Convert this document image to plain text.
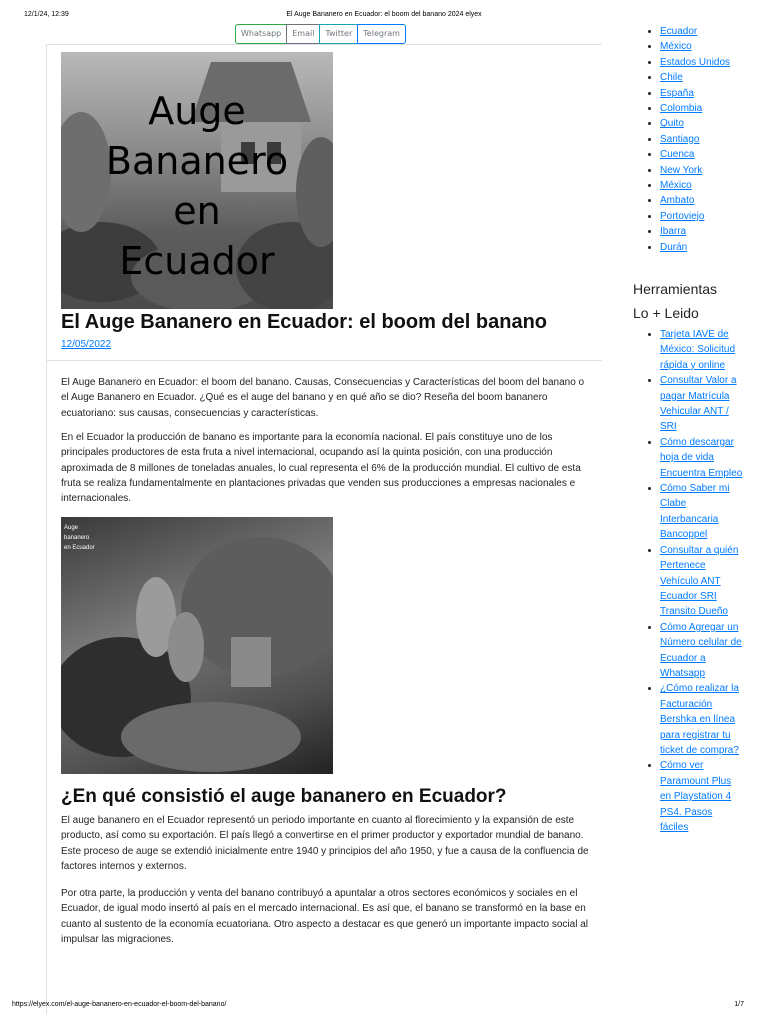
12/1/24, 12:39	El Auge Bananero en Ecuador: el boom del banano 2024 elyex
Whatsapp	Email	Twitter	Telegram
Auge
Bananero
en
Ecuador
El Auge Bananero en Ecuador: el boom del banano
12/05/2022

El Auge Bananero en Ecuador: el boom del banano. Causas, Consecuencias y Características del boom del banano o el Auge Bananero en Ecuador. ¿Qué es el auge del banano y en qué año se dio? Reseña del boom bananero ecuatoriano: sus causas, consecuencias y características.

En el Ecuador la producción de banano es importante para la economía nacional. El país constituye uno de los principales productores de esta fruta a nivel internacional, ocupando así la quinta posición, con una producción aproximada de 8 millones de toneladas anuales, lo cual representa el 6% de la producción mundial. El cultivo de esta fruta se realiza fundamentalmente en plantaciones privadas que venden sus producciones a empresas nacionales e internacionales.

Auge
bananero
en Ecuador
¿En qué consistió el auge bananero en Ecuador?

El auge bananero en el Ecuador representó un periodo importante en cuanto al florecimiento y la expansión de este producto, así como su exportación. El país llegó a convertirse en el primer productor y exportador mundial de banano. Este proceso de auge se extendió inicialmente entre 1940 y principios del año 1950, y fue a causa de la confluencia de factores internos y externos.

Por otra parte, la producción y venta del banano contribuyó a apuntalar a otros sectores económicos y sociales en el Ecuador, de igual modo insertó al país en el mercado internacional. Es así que, el banano se transformó en la base en cuanto al sustento de la economía ecuatoriana. Otro aspecto a destacar es que generó un importante impacto social al impulsar las migraciones.

• Ecuador
• México
• Estados Unidos
• Chile
• España
• Colombia
• Quito
• Santiago
• Cuenca
• New York
• México
• Ambato
• Portoviejo
• Ibarra
• Durán
Herramientas
Lo + Leido
• Tarjeta IAVE de México: Solicitud rápida y online
• Consultar Valor a pagar Matrícula Vehicular ANT / SRI
• Cómo descargar hoja de vida Encuentra Empleo
• Cómo Saber mi Clabe Interbancaria Bancoppel
• Consultar a quién Pertenece Vehículo ANT Ecuador SRI Transito Dueño
• Cómo Agregar un Número celular de Ecuador a Whatsapp
• ¿Cómo realizar la Facturación Bershka en línea para registrar tu ticket de compra?
• Cómo ver Paramount Plus en Playstation 4 PS4. Pasos fáciles
https://elyex.com/el-auge-bananero-en-ecuador-el-boom-del-banano/	1/7
